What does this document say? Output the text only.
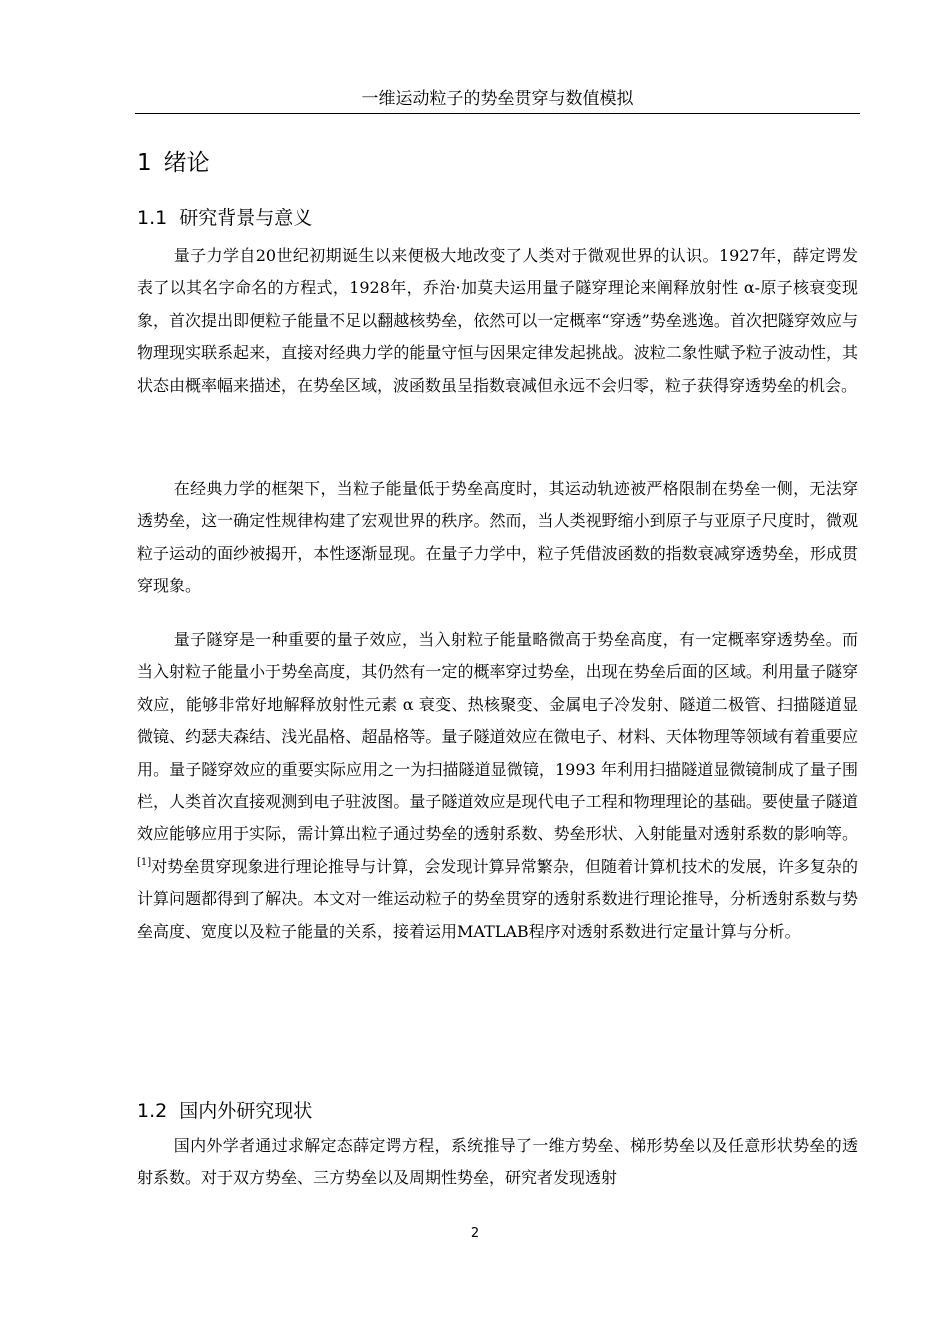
一维运动粒子的势垒贯穿与数值模拟
1 绪论
1.1 研究背景与意义

量子力学自20世纪初期诞生以来便极大地改变了人类对于微观世界的认识。1927年，薛定谔发表了以其名字命名的方程式，1928年，乔治·加莫夫运用量子隧穿理论来阐释放射性 α-原子核衰变现象，首次提出即便粒子能量不足以翻越核势垒，依然可以一定概率“穿透”势垒逃逸。首次把隧穿效应与物理现实联系起来，直接对经典力学的能量守恒与因果定律发起挑战。波粒二象性赋予粒子波动性，其状态由概率幅来描述，在势垒区域，波函数虽呈指数衰减但永远不会归零，粒子获得穿透势垒的机会。

在经典力学的框架下，当粒子能量低于势垒高度时，其运动轨迹被严格限制在势垒一侧，无法穿透势垒，这一确定性规律构建了宏观世界的秩序。然而，当人类视野缩小到原子与亚原子尺度时，微观粒子运动的面纱被揭开，本性逐渐显现。在量子力学中，粒子凭借波函数的指数衰减穿透势垒，形成贯穿现象。

量子隧穿是一种重要的量子效应，当入射粒子能量略微高于势垒高度，有一定概率穿透势垒。而当入射粒子能量小于势垒高度，其仍然有一定的概率穿过势垒，出现在势垒后面的区域。利用量子隧穿效应，能够非常好地解释放射性元素 α 衰变、热核聚变、金属电子冷发射、隧道二极管、扫描隧道显微镜、约瑟夫森结、浅光晶格、超晶格等。量子隧道效应在微电子、材料、天体物理等领域有着重要应用。量子隧穿效应的重要实际应用之一为扫描隧道显微镜，1993 年利用扫描隧道显微镜制成了量子围栏，人类首次直接观测到电子驻波图。量子隧道效应是现代电子工程和物理理论的基础。要使量子隧道效应能够应用于实际，需计算出粒子通过势垒的透射系数、势垒形状、入射能量对透射系数的影响等。[1]对势垒贯穿现象进行理论推导与计算，会发现计算异常繁杂，但随着计算机技术的发展，许多复杂的计算问题都得到了解决。本文对一维运动粒子的势垒贯穿的透射系数进行理论推导，分析透射系数与势垒高度、宽度以及粒子能量的关系，接着运用MATLAB程序对透射系数进行定量计算与分析。

1.2 国内外研究现状

国内外学者通过求解定态薛定谔方程，系统推导了一维方势垒、梯形势垒以及任意形状势垒的透射系数。对于双方势垒、三方势垒以及周期性势垒，研究者发现透射

2
